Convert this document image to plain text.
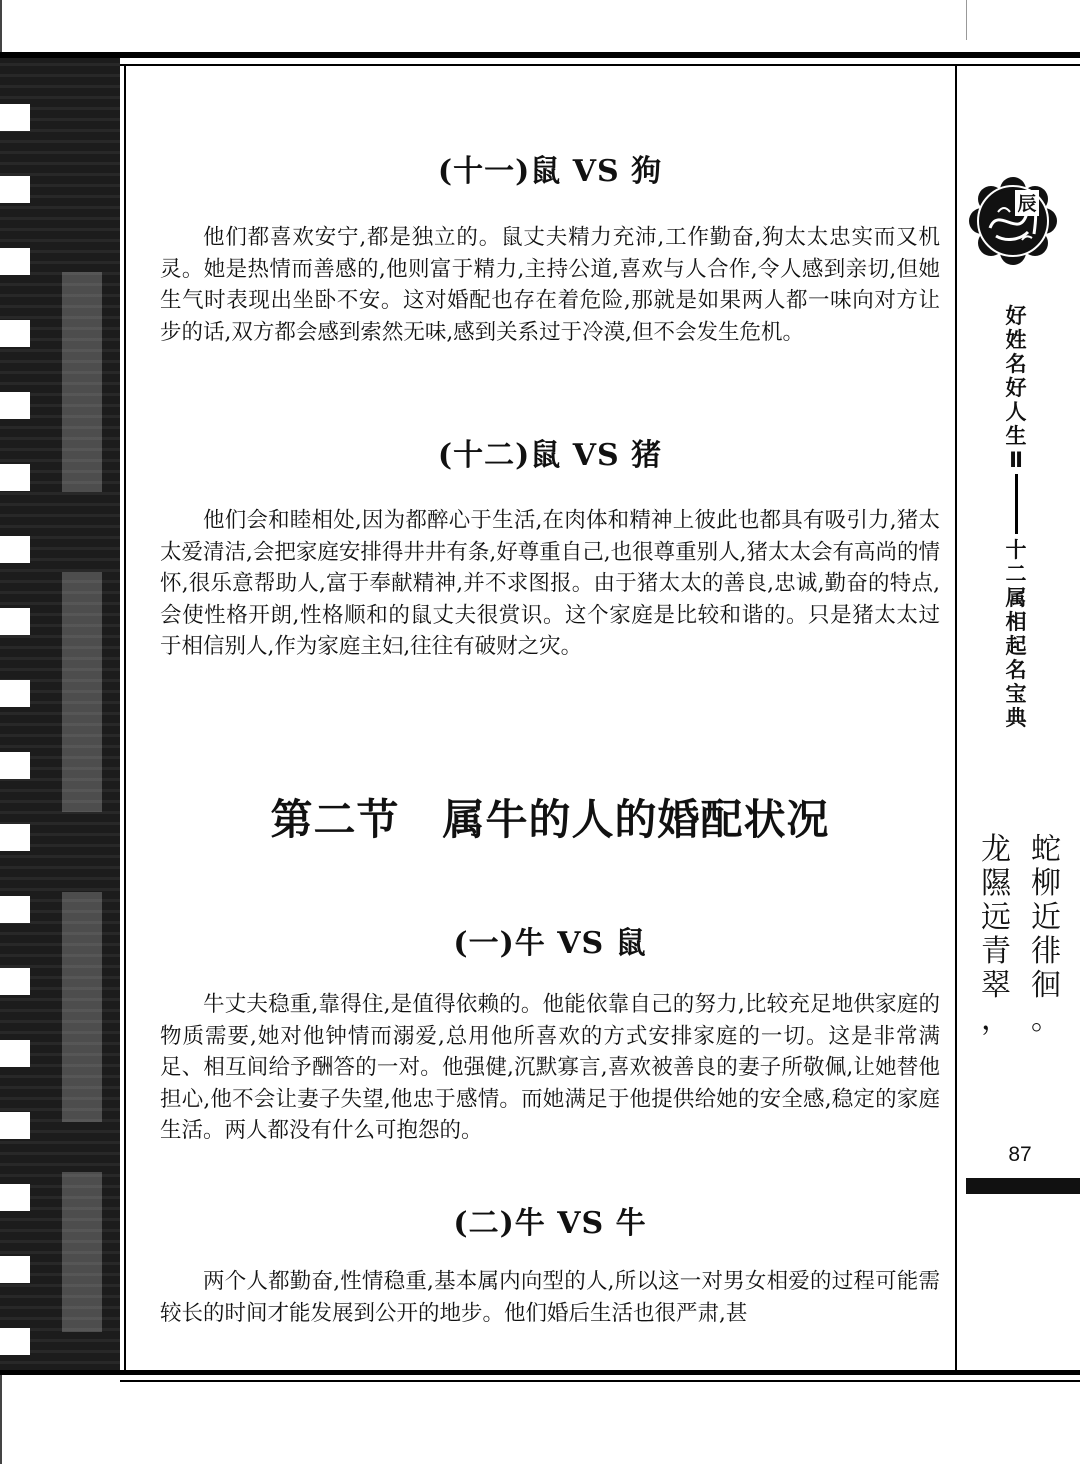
(十一)鼠 VS 狗

他们都喜欢安宁,都是独立的。鼠丈夫精力充沛,工作勤奋,狗太太忠实而又机灵。她是热情而善感的,他则富于精力,主持公道,喜欢与人合作,令人感到亲切,但她生气时表现出坐卧不安。这对婚配也存在着危险,那就是如果两人都一味向对方让步的话,双方都会感到索然无味,感到关系过于冷漠,但不会发生危机。

(十二)鼠 VS 猪

他们会和睦相处,因为都醉心于生活,在肉体和精神上彼此也都具有吸引力,猪太太爱清洁,会把家庭安排得井井有条,好尊重自己,也很尊重别人,猪太太会有高尚的情怀,很乐意帮助人,富于奉献精神,并不求图报。由于猪太太的善良,忠诚,勤奋的特点,会使性格开朗,性格顺和的鼠丈夫很赏识。这个家庭是比较和谐的。只是猪太太过于相信别人,作为家庭主妇,往往有破财之灾。

第二节　属牛的人的婚配状况
(一)牛 VS 鼠

牛丈夫稳重,靠得住,是值得依赖的。他能依靠自己的努力,比较充足地供家庭的物质需要,她对他钟情而溺爱,总用他所喜欢的方式安排家庭的一切。这是非常满足、相互间给予酬答的一对。他强健,沉默寡言,喜欢被善良的妻子所敬佩,让她替他担心,他不会让妻子失望,他忠于感情。而她满足于他提供给她的安全感,稳定的家庭生活。两人都没有什么可抱怨的。

(二)牛 VS 牛

两个人都勤奋,性情稳重,基本属内向型的人,所以这一对男女相爱的过程可能需较长的时间才能发展到公开的地步。他们婚后生活也很严肃,甚

辰
好
姓
名
好
人
生
Ⅱ
十
二
属
相
起
名
宝
典
蛇
柳
近
徘
徊
。
龙
隰
远
青
翠
，
87
